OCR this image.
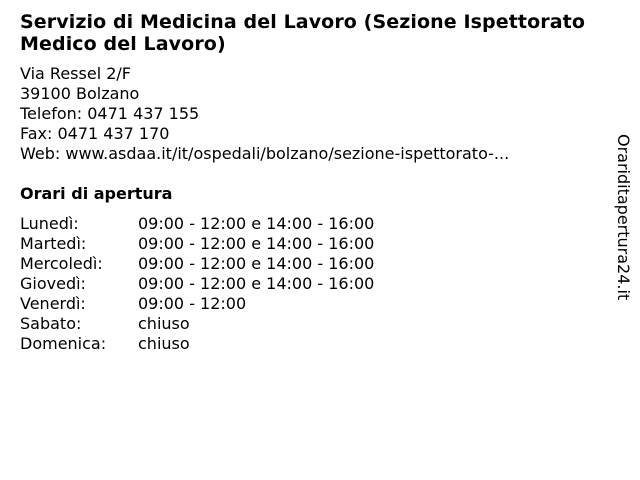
Servizio di Medicina del Lavoro (Sezione Ispettorato
Medico del Lavoro)
Via Ressel 2/F
39100 Bolzano
Telefon: 0471 437 155
Fax: 0471 437 170
Web: www.asdaa.it/it/ospedali/bolzano/sezione-ispettorato-...
Orari di apertura
Lunedì:	09:00 - 12:00 e 14:00 - 16:00
Martedì:	09:00 - 12:00 e 14:00 - 16:00
Mercoledì:	09:00 - 12:00 e 14:00 - 16:00
Giovedì:	09:00 - 12:00 e 14:00 - 16:00
Venerdì:	09:00 - 12:00
Sabato:	chiuso
Domenica:	chiuso
Orariditapertura24.it
